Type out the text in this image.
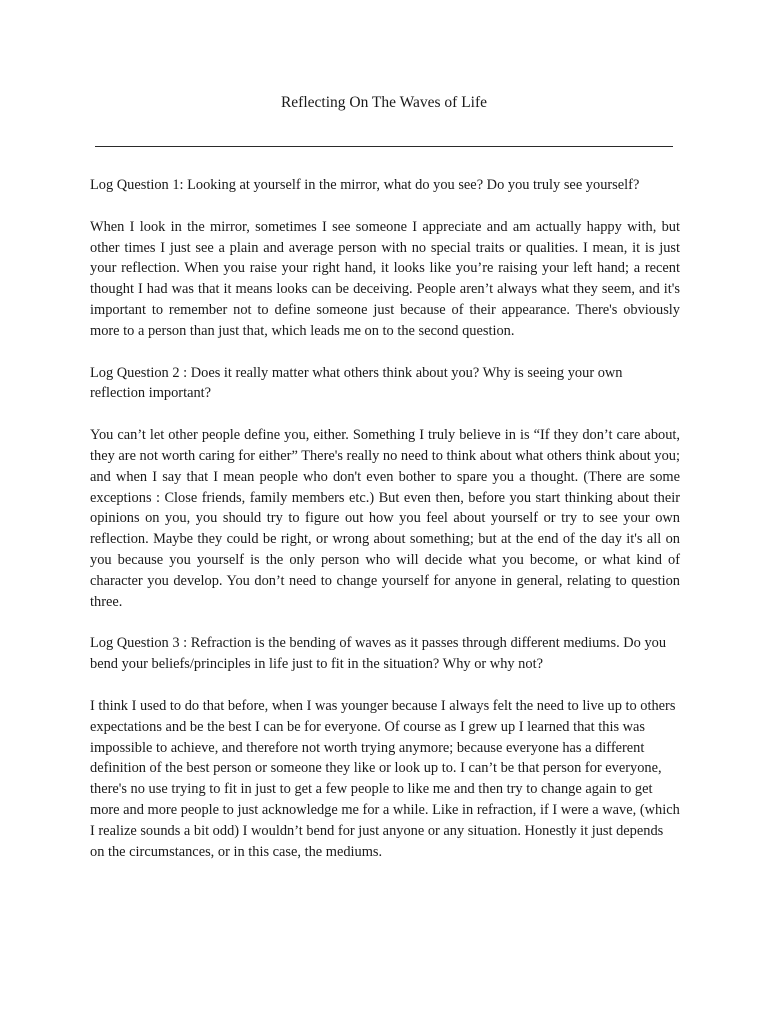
Reflecting On The Waves of Life

Log Question 1: Looking at yourself in the mirror, what do you see? Do you truly see yourself?

When I look in the mirror, sometimes I see someone I appreciate and am actually happy with, but other times I just see a plain and average person with no special traits or qualities. I mean, it is just your reflection. When you raise your right hand, it looks like you’re raising your left hand; a recent thought I had was that it means looks can be deceiving. People aren’t always what they seem, and it's important to remember not to define someone just because of their appearance. There's obviously more to a person than just that, which leads me on to the second question.

Log Question 2 : Does it really matter what others think about you? Why is seeing your own reflection important?

You can’t let other people define you, either. Something I truly believe in is “If they don’t care about, they are not worth caring for either” There's really no need to think about what others think about you; and when I say that I mean people who don't even bother to spare you a thought. (There are some exceptions : Close friends, family members etc.) But even then, before you start thinking about their opinions on you, you should try to figure out how you feel about yourself or try to see your own reflection. Maybe they could be right, or wrong about something; but at the end of the day it's all on you because you yourself is the only person who will decide what you become, or what kind of character you develop. You don’t need to change yourself for anyone in general, relating to question three.

Log Question 3 : Refraction is the bending of waves as it passes through different mediums. Do you bend your beliefs/principles in life just to fit in the situation? Why or why not?

I think I used to do that before, when I was younger because I always felt the need to live up to others expectations and be the best I can be for everyone. Of course as I grew up I learned that this was impossible to achieve, and therefore not worth trying anymore; because everyone has a different definition of the best person or someone they like or look up to. I can’t be that person for everyone, there's no use trying to fit in just to get a few people to like me and then try to change again to get more and more people to just acknowledge me for a while. Like in refraction, if I were a wave, (which I realize sounds a bit odd) I wouldn’t bend for just anyone or any situation. Honestly it just depends on the circumstances, or in this case, the mediums.
